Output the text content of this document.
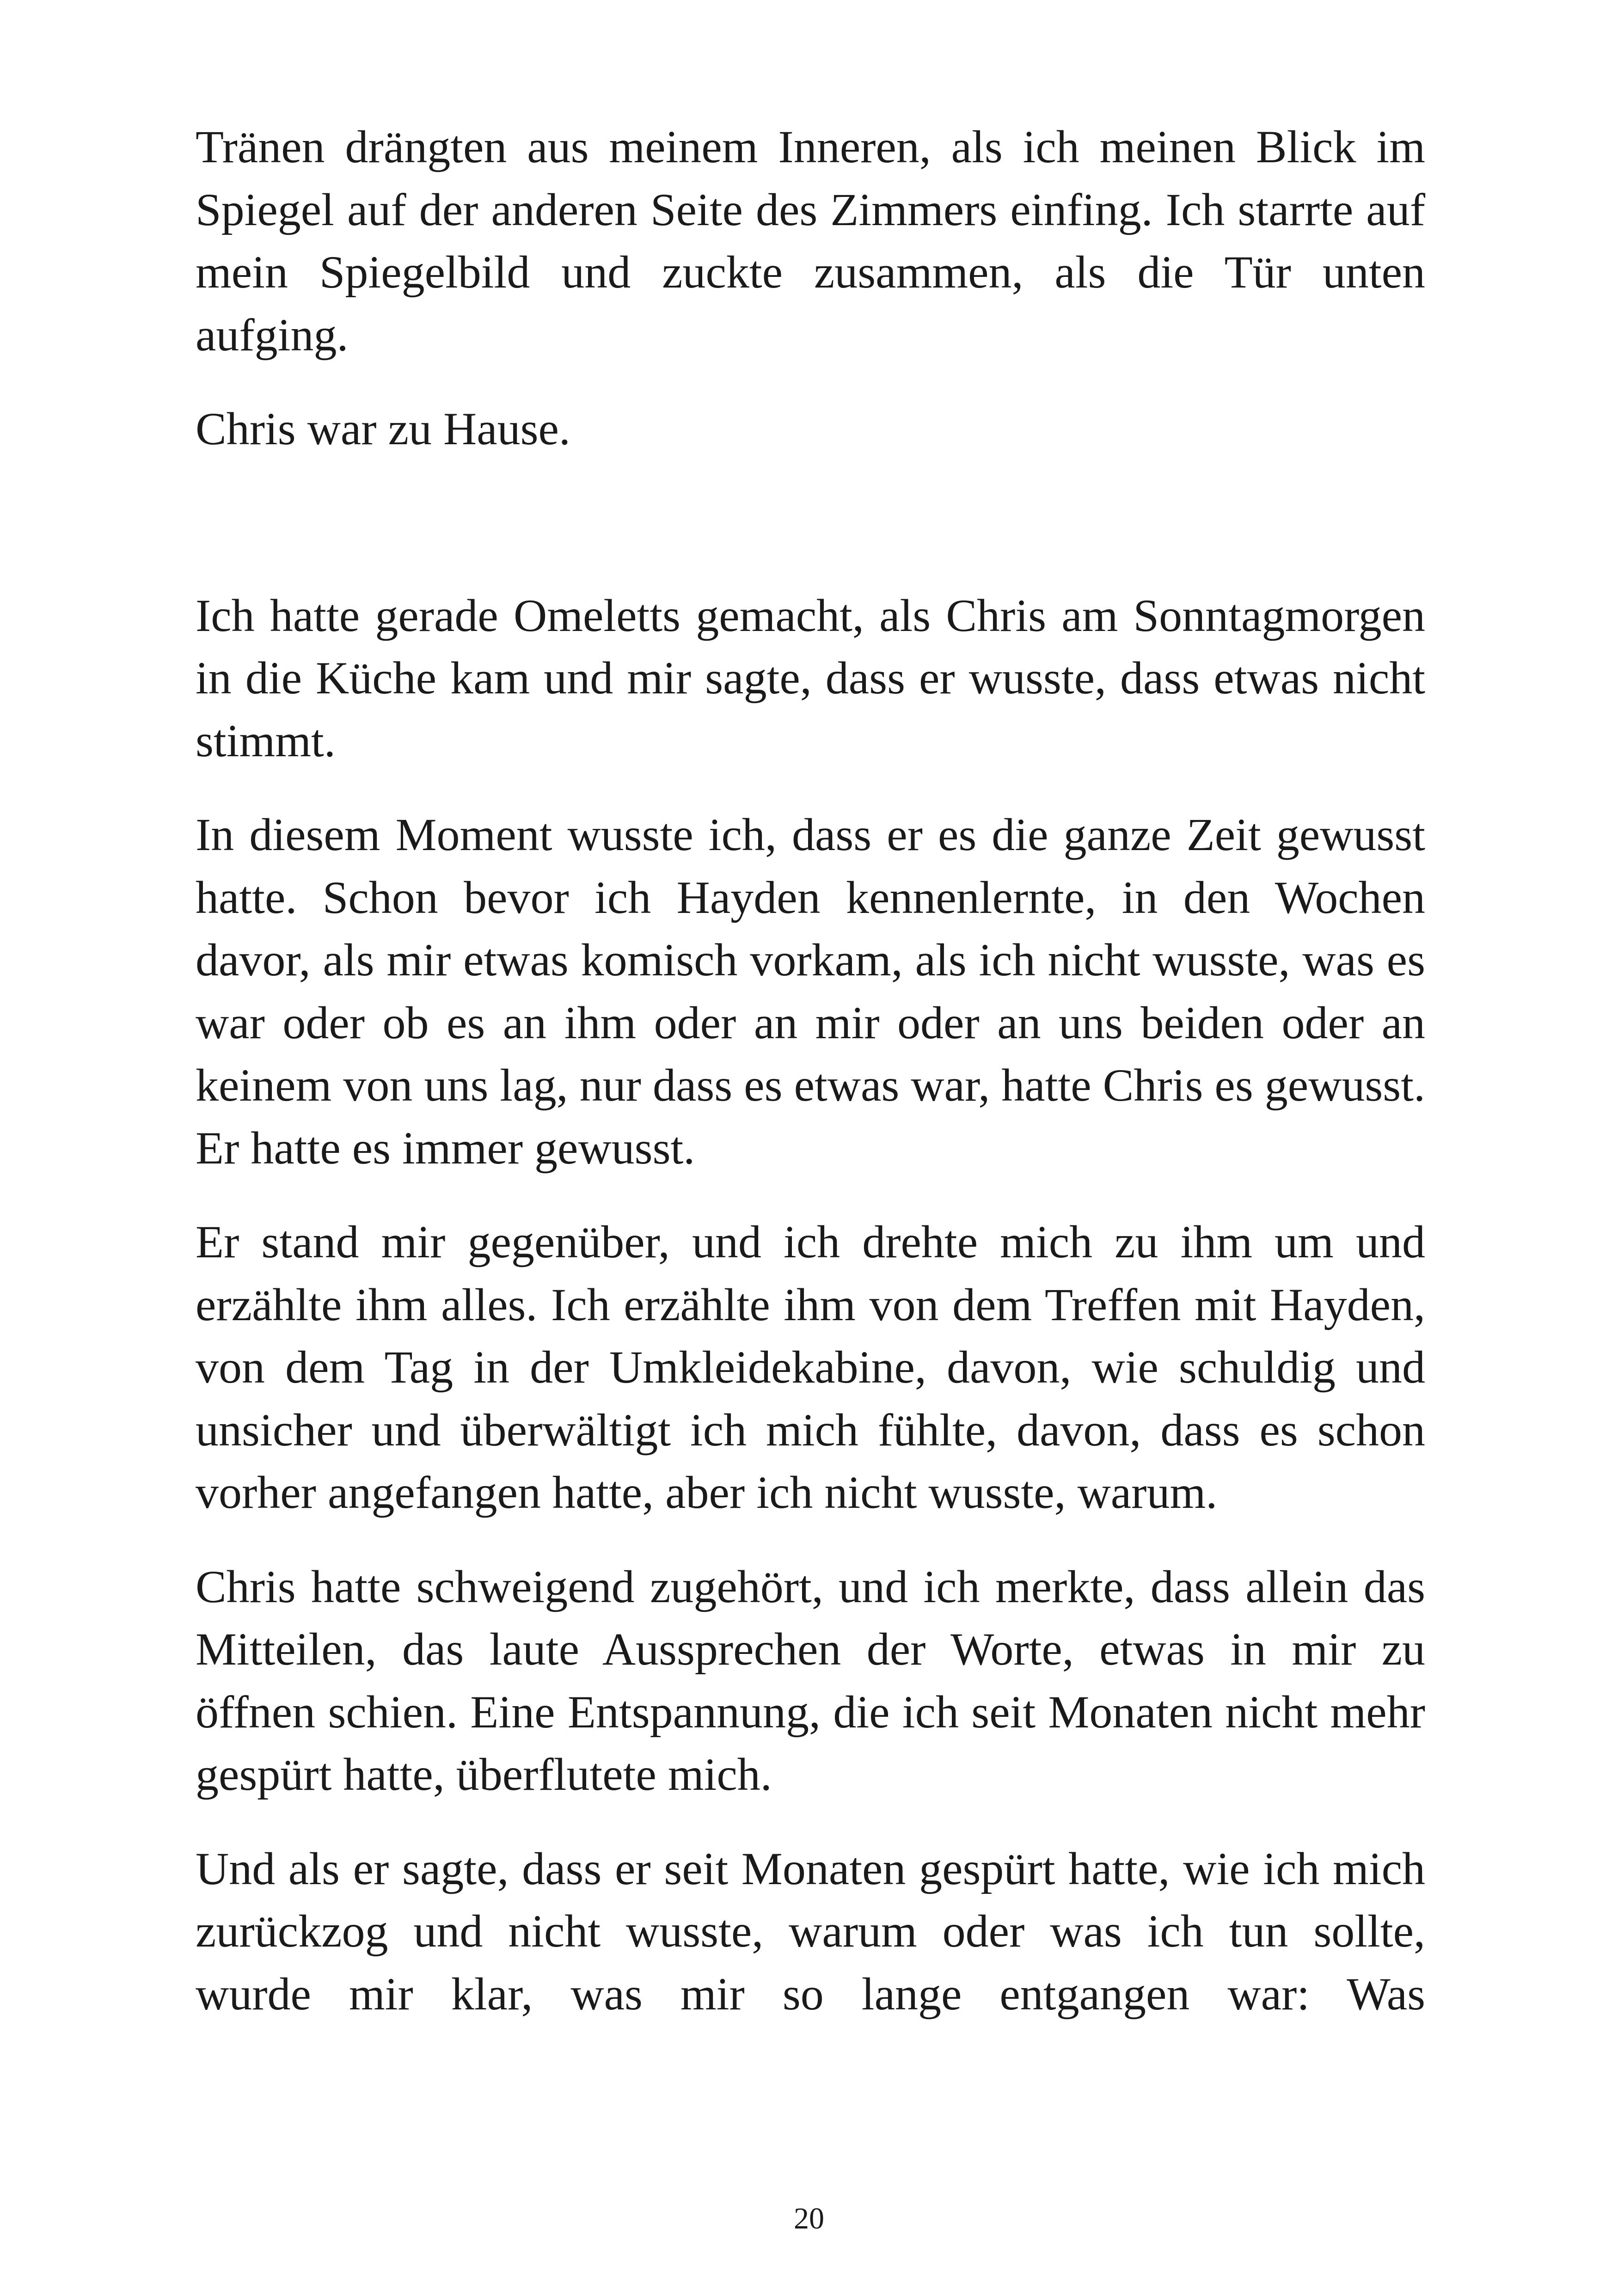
Tränen drängten aus meinem Inneren, als ich meinen Blick im Spiegel auf der anderen Seite des Zimmers einfing. Ich starrte auf mein Spiegelbild und zuckte zusammen, als die Tür unten aufging.

Chris war zu Hause.

Ich hatte gerade Omeletts gemacht, als Chris am Sonntagmorgen in die Küche kam und mir sagte, dass er wusste, dass etwas nicht stimmt.

In diesem Moment wusste ich, dass er es die ganze Zeit gewusst hatte. Schon bevor ich Hayden kennenlernte, in den Wochen davor, als mir etwas komisch vorkam, als ich nicht wusste, was es war oder ob es an ihm oder an mir oder an uns beiden oder an keinem von uns lag, nur dass es etwas war, hatte Chris es gewusst. Er hatte es immer gewusst.

Er stand mir gegenüber, und ich drehte mich zu ihm um und erzählte ihm alles. Ich erzählte ihm von dem Treffen mit Hayden, von dem Tag in der Umkleidekabine, davon, wie schuldig und unsicher und überwältigt ich mich fühlte, davon, dass es schon vorher angefangen hatte, aber ich nicht wusste, warum.

Chris hatte schweigend zugehört, und ich merkte, dass allein das Mitteilen, das laute Aussprechen der Worte, etwas in mir zu öffnen schien. Eine Entspannung, die ich seit Monaten nicht mehr gespürt hatte, überflutete mich.

Und als er sagte, dass er seit Monaten gespürt hatte, wie ich mich zurückzog und nicht wusste, warum oder was ich tun sollte, wurde mir klar, was mir so lange entgangen war: Was

20
